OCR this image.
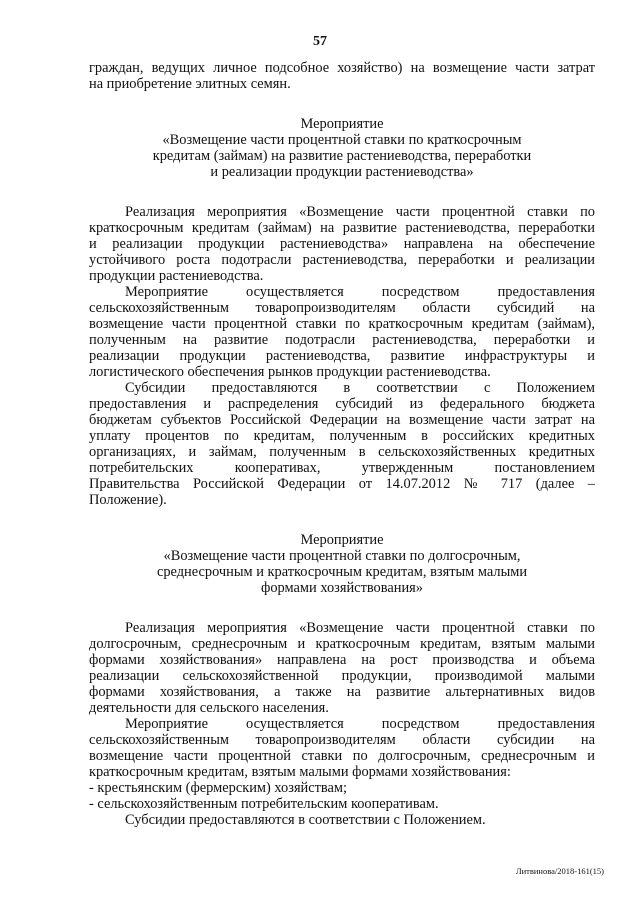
57
граждан, ведущих личное подсобное хозяйство) на возмещение части затрат
на приобретение элитных семян.
Мероприятие
«Возмещение части процентной ставки по краткосрочным
кредитам (займам) на развитие растениеводства, переработки
и реализации продукции растениеводства»
Реализация мероприятия «Возмещение части процентной ставки по
краткосрочным кредитам (займам) на развитие растениеводства, переработки
и реализации продукции растениеводства» направлена на обеспечение
устойчивого роста подотрасли растениеводства, переработки и реализации
продукции растениеводства.
Мероприятие осуществляется посредством предоставления
сельскохозяйственным товаропроизводителям области субсидий на
возмещение части процентной ставки по краткосрочным кредитам (займам),
полученным на развитие подотрасли растениеводства, переработки и
реализации продукции растениеводства, развитие инфраструктуры и
логистического обеспечения рынков продукции растениеводства.
Субсидии предоставляются в соответствии с Положением
предоставления и распределения субсидий из федерального бюджета
бюджетам субъектов Российской Федерации на возмещение части затрат на
уплату процентов по кредитам, полученным в российских кредитных
организациях, и займам, полученным в сельскохозяйственных кредитных
потребительских кооперативах, утвержденным постановлением
Правительства Российской Федерации от 14.07.2012 № 717 (далее –
Положение).
Мероприятие
«Возмещение части процентной ставки по долгосрочным,
среднесрочным и краткосрочным кредитам, взятым малыми
формами хозяйствования»
Реализация мероприятия «Возмещение части процентной ставки по
долгосрочным, среднесрочным и краткосрочным кредитам, взятым малыми
формами хозяйствования» направлена на рост производства и объема
реализации сельскохозяйственной продукции, производимой малыми
формами хозяйствования, а также на развитие альтернативных видов
деятельности для сельского населения.
Мероприятие осуществляется посредством предоставления
сельскохозяйственным товаропроизводителям области субсидии на
возмещение части процентной ставки по долгосрочным, среднесрочным и
краткосрочным кредитам, взятым малыми формами хозяйствования:
- крестьянским (фермерским) хозяйствам;
- сельскохозяйственным потребительским кооперативам.
Субсидии предоставляются в соответствии с Положением.
Литвинова/2018-161(15)
